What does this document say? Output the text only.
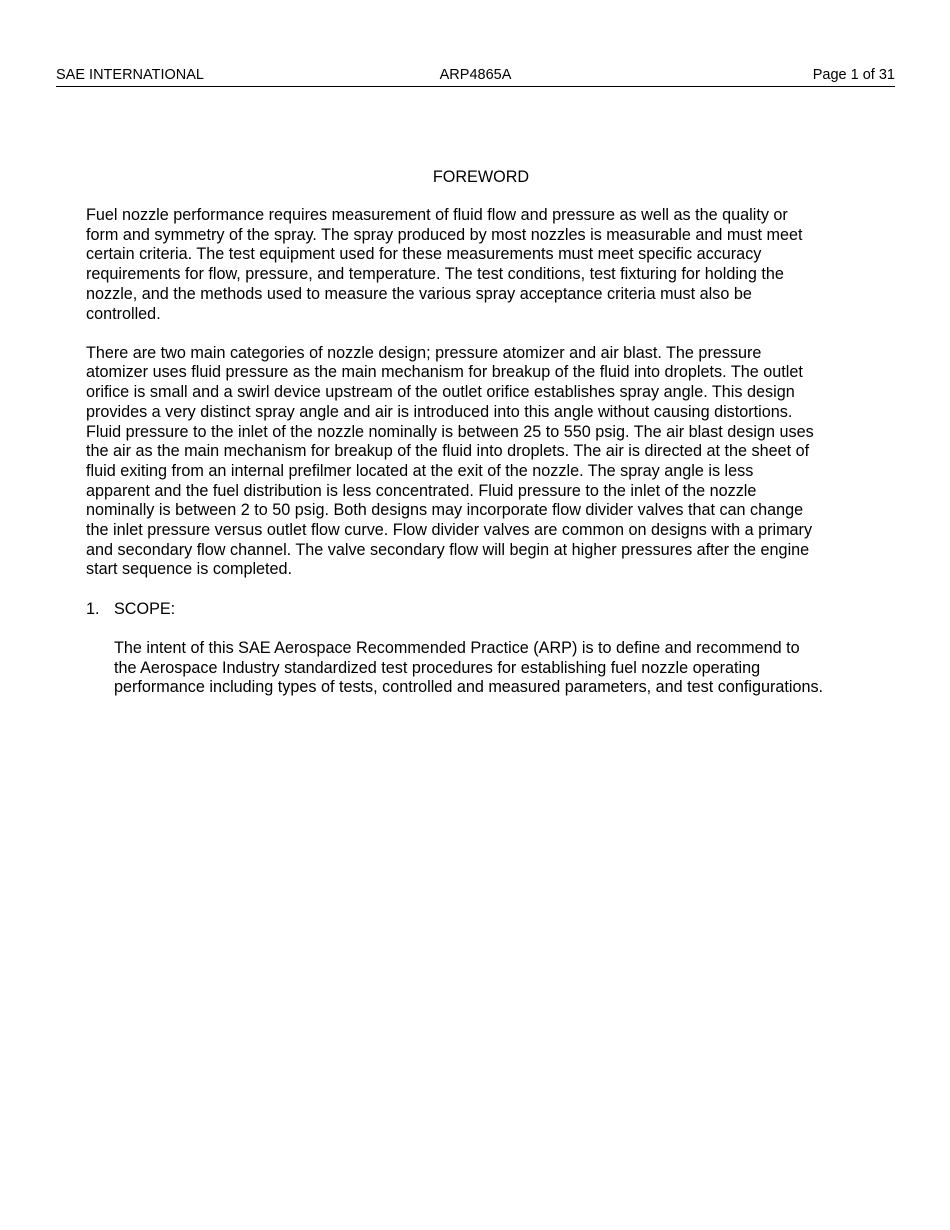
SAE INTERNATIONAL	ARP4865A	Page 1 of 31
FOREWORD
Fuel nozzle performance requires measurement of fluid flow and pressure as well as the quality or
form and symmetry of the spray. The spray produced by most nozzles is measurable and must meet
certain criteria. The test equipment used for these measurements must meet specific accuracy
requirements for flow, pressure, and temperature. The test conditions, test fixturing for holding the
nozzle, and the methods used to measure the various spray acceptance criteria must also be
controlled.
There are two main categories of nozzle design; pressure atomizer and air blast. The pressure
atomizer uses fluid pressure as the main mechanism for breakup of the fluid into droplets. The outlet
orifice is small and a swirl device upstream of the outlet orifice establishes spray angle. This design
provides a very distinct spray angle and air is introduced into this angle without causing distortions.
Fluid pressure to the inlet of the nozzle nominally is between 25 to 550 psig. The air blast design uses
the air as the main mechanism for breakup of the fluid into droplets. The air is directed at the sheet of
fluid exiting from an internal prefilmer located at the exit of the nozzle. The spray angle is less
apparent and the fuel distribution is less concentrated. Fluid pressure to the inlet of the nozzle
nominally is between 2 to 50 psig. Both designs may incorporate flow divider valves that can change
the inlet pressure versus outlet flow curve. Flow divider valves are common on designs with a primary
and secondary flow channel. The valve secondary flow will begin at higher pressures after the engine
start sequence is completed.
1. SCOPE:
The intent of this SAE Aerospace Recommended Practice (ARP) is to define and recommend to
the Aerospace Industry standardized test procedures for establishing fuel nozzle operating
performance including types of tests, controlled and measured parameters, and test configurations.
